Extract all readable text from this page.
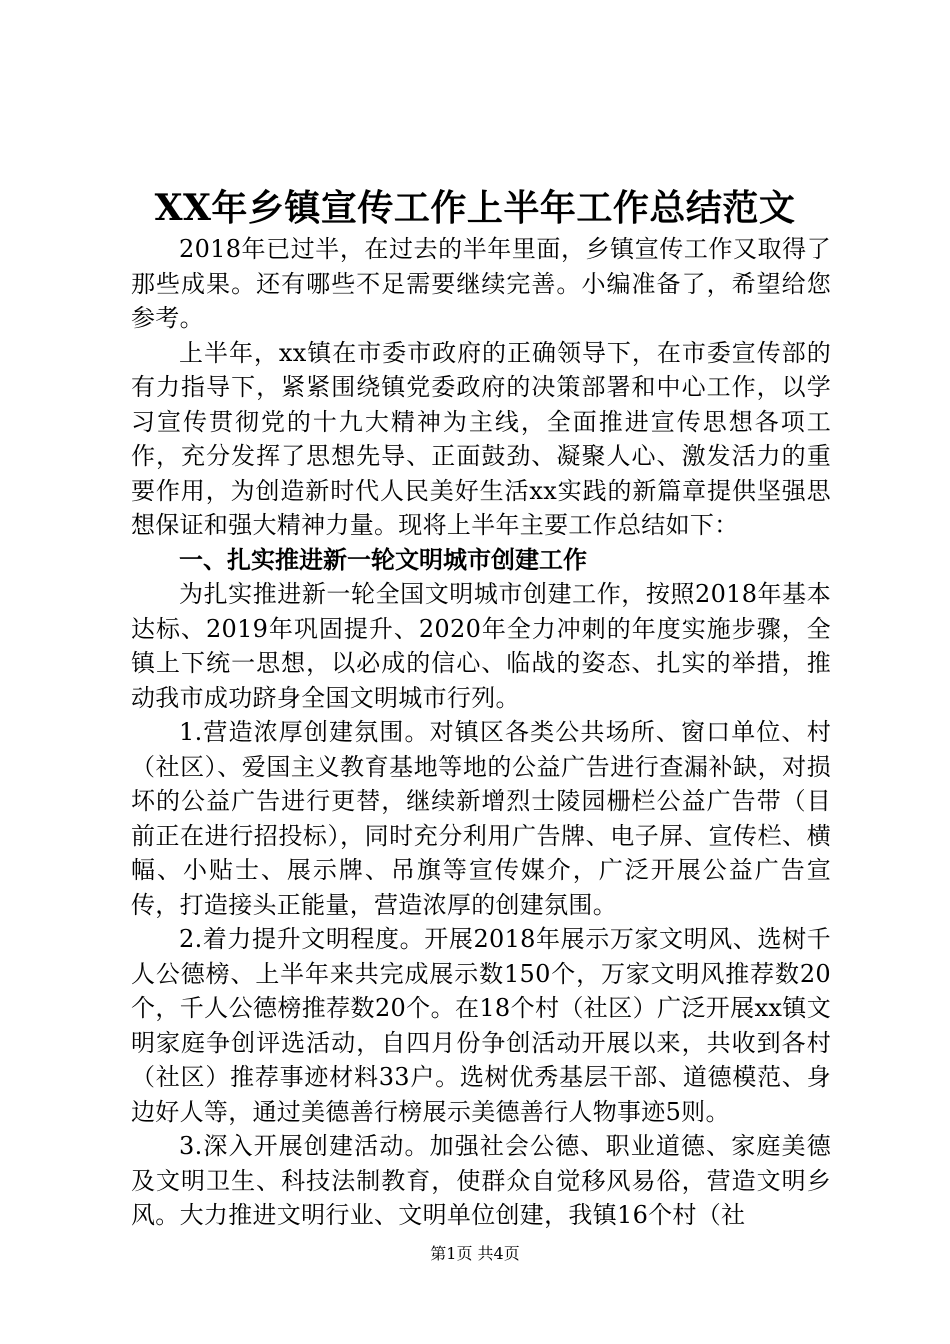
XX年乡镇宣传工作上半年工作总结范文

2018年已过半，在过去的半年里面，乡镇宣传工作又取得了那些成果。还有哪些不足需要继续完善。小编准备了，希望给您参考。

上半年，xx镇在市委市政府的正确领导下，在市委宣传部的有力指导下，紧紧围绕镇党委政府的决策部署和中心工作，以学习宣传贯彻党的十九大精神为主线，全面推进宣传思想各项工作，充分发挥了思想先导、正面鼓劲、凝聚人心、激发活力的重要作用，为创造新时代人民美好生活xx实践的新篇章提供坚强思想保证和强大精神力量。现将上半年主要工作总结如下：

一、扎实推进新一轮文明城市创建工作

为扎实推进新一轮全国文明城市创建工作，按照2018年基本达标、2019年巩固提升、2020年全力冲刺的年度实施步骤，全镇上下统一思想，以必成的信心、临战的姿态、扎实的举措，推动我市成功跻身全国文明城市行列。

1.营造浓厚创建氛围。对镇区各类公共场所、窗口单位、村（社区）、爱国主义教育基地等地的公益广告进行查漏补缺，对损坏的公益广告进行更替，继续新增烈士陵园栅栏公益广告带（目前正在进行招投标），同时充分利用广告牌、电子屏、宣传栏、横幅、小贴士、展示牌、吊旗等宣传媒介，广泛开展公益广告宣传，打造接头正能量，营造浓厚的创建氛围。

2.着力提升文明程度。开展2018年展示万家文明风、选树千人公德榜、上半年来共完成展示数150个，万家文明风推荐数20个，千人公德榜推荐数20个。在18个村（社区）广泛开展xx镇文明家庭争创评选活动，自四月份争创活动开展以来，共收到各村（社区）推荐事迹材料33户。选树优秀基层干部、道德模范、身边好人等，通过美德善行榜展示美德善行人物事迹5则。

3.深入开展创建活动。加强社会公德、职业道德、家庭美德及文明卫生、科技法制教育，使群众自觉移风易俗，营造文明乡风。大力推进文明行业、文明单位创建，我镇16个村（社

第1页 共4页
